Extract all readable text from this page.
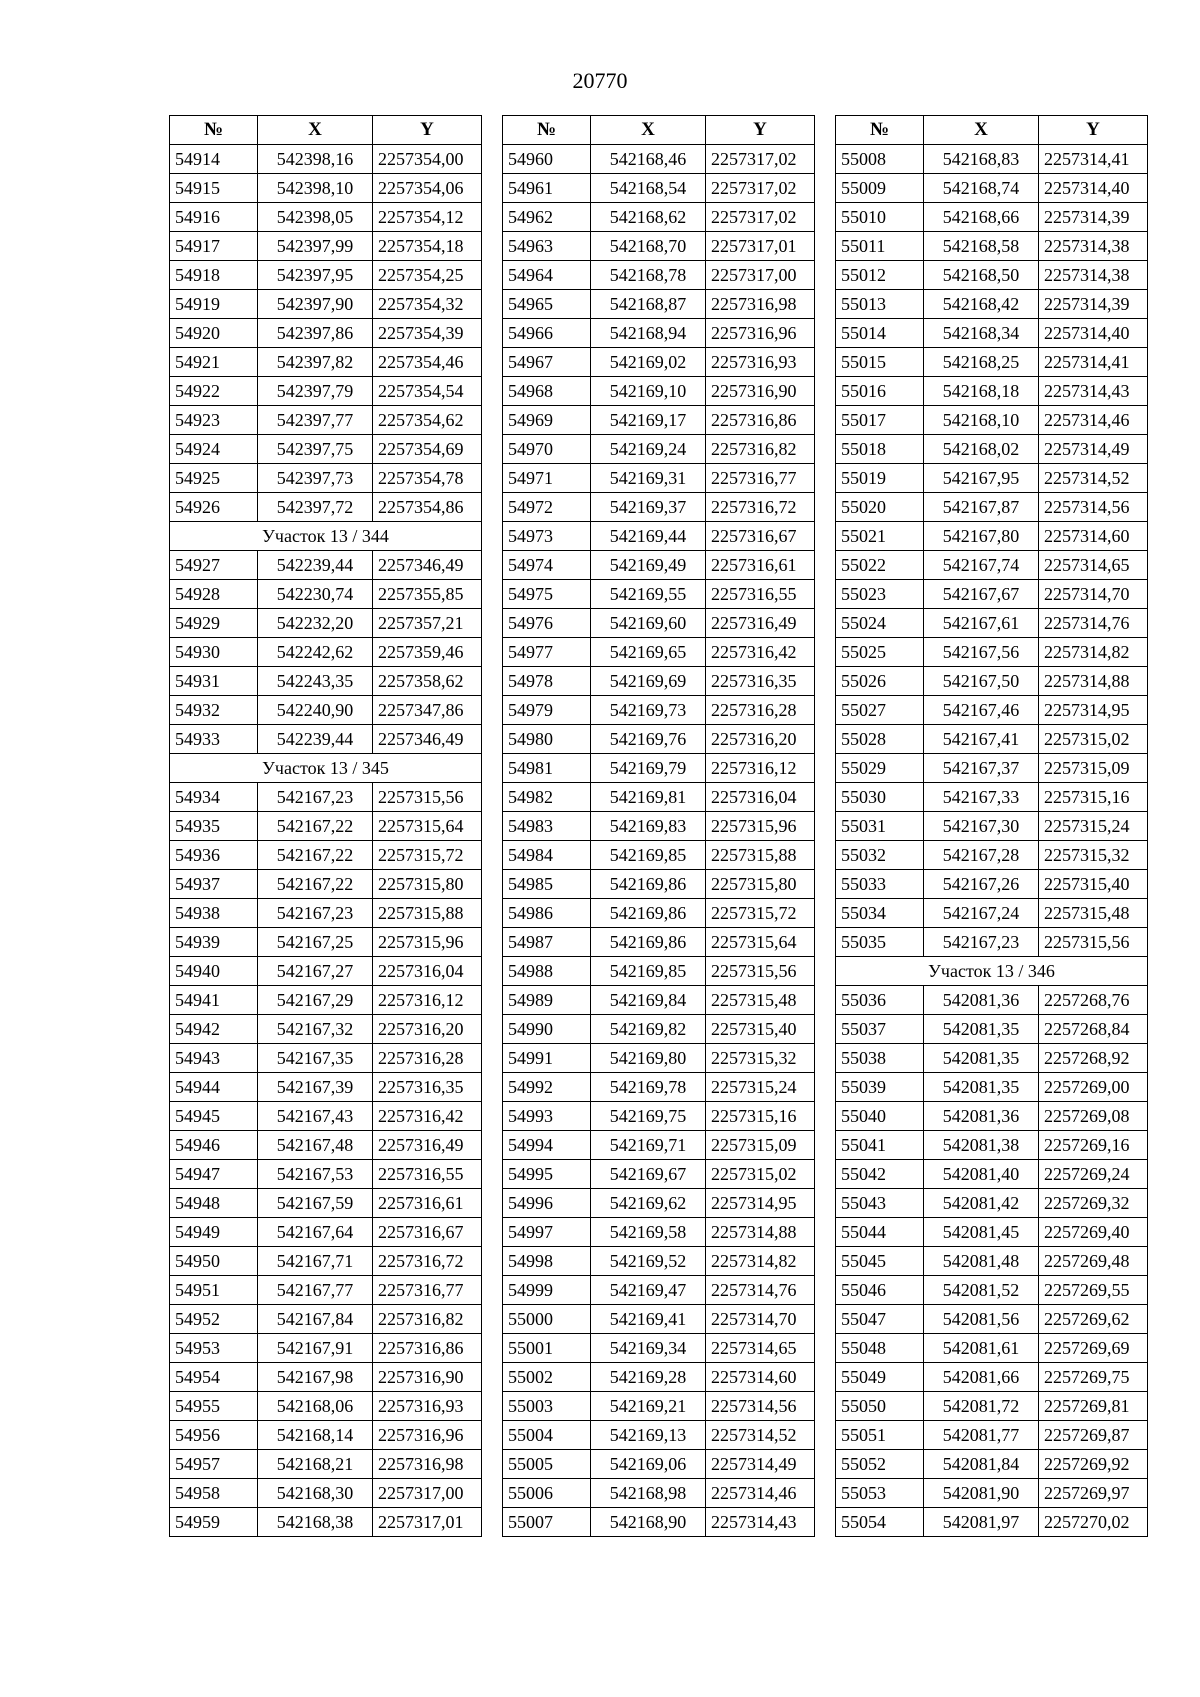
20770
№	X	Y
54914	542398,16	2257354,00
54915	542398,10	2257354,06
54916	542398,05	2257354,12
54917	542397,99	2257354,18
54918	542397,95	2257354,25
54919	542397,90	2257354,32
54920	542397,86	2257354,39
54921	542397,82	2257354,46
54922	542397,79	2257354,54
54923	542397,77	2257354,62
54924	542397,75	2257354,69
54925	542397,73	2257354,78
54926	542397,72	2257354,86
Участок 13 / 344		
54927	542239,44	2257346,49
54928	542230,74	2257355,85
54929	542232,20	2257357,21
54930	542242,62	2257359,46
54931	542243,35	2257358,62
54932	542240,90	2257347,86
54933	542239,44	2257346,49
Участок 13 / 345		
54934	542167,23	2257315,56
54935	542167,22	2257315,64
54936	542167,22	2257315,72
54937	542167,22	2257315,80
54938	542167,23	2257315,88
54939	542167,25	2257315,96
54940	542167,27	2257316,04
54941	542167,29	2257316,12
54942	542167,32	2257316,20
54943	542167,35	2257316,28
54944	542167,39	2257316,35
54945	542167,43	2257316,42
54946	542167,48	2257316,49
54947	542167,53	2257316,55
54948	542167,59	2257316,61
54949	542167,64	2257316,67
54950	542167,71	2257316,72
54951	542167,77	2257316,77
54952	542167,84	2257316,82
54953	542167,91	2257316,86
54954	542167,98	2257316,90
54955	542168,06	2257316,93
54956	542168,14	2257316,96
54957	542168,21	2257316,98
54958	542168,30	2257317,00
54959	542168,38	2257317,01
№	X	Y
54960	542168,46	2257317,02
54961	542168,54	2257317,02
54962	542168,62	2257317,02
54963	542168,70	2257317,01
54964	542168,78	2257317,00
54965	542168,87	2257316,98
54966	542168,94	2257316,96
54967	542169,02	2257316,93
54968	542169,10	2257316,90
54969	542169,17	2257316,86
54970	542169,24	2257316,82
54971	542169,31	2257316,77
54972	542169,37	2257316,72
54973	542169,44	2257316,67
54974	542169,49	2257316,61
54975	542169,55	2257316,55
54976	542169,60	2257316,49
54977	542169,65	2257316,42
54978	542169,69	2257316,35
54979	542169,73	2257316,28
54980	542169,76	2257316,20
54981	542169,79	2257316,12
54982	542169,81	2257316,04
54983	542169,83	2257315,96
54984	542169,85	2257315,88
54985	542169,86	2257315,80
54986	542169,86	2257315,72
54987	542169,86	2257315,64
54988	542169,85	2257315,56
54989	542169,84	2257315,48
54990	542169,82	2257315,40
54991	542169,80	2257315,32
54992	542169,78	2257315,24
54993	542169,75	2257315,16
54994	542169,71	2257315,09
54995	542169,67	2257315,02
54996	542169,62	2257314,95
54997	542169,58	2257314,88
54998	542169,52	2257314,82
54999	542169,47	2257314,76
55000	542169,41	2257314,70
55001	542169,34	2257314,65
55002	542169,28	2257314,60
55003	542169,21	2257314,56
55004	542169,13	2257314,52
55005	542169,06	2257314,49
55006	542168,98	2257314,46
55007	542168,90	2257314,43
№	X	Y
55008	542168,83	2257314,41
55009	542168,74	2257314,40
55010	542168,66	2257314,39
55011	542168,58	2257314,38
55012	542168,50	2257314,38
55013	542168,42	2257314,39
55014	542168,34	2257314,40
55015	542168,25	2257314,41
55016	542168,18	2257314,43
55017	542168,10	2257314,46
55018	542168,02	2257314,49
55019	542167,95	2257314,52
55020	542167,87	2257314,56
55021	542167,80	2257314,60
55022	542167,74	2257314,65
55023	542167,67	2257314,70
55024	542167,61	2257314,76
55025	542167,56	2257314,82
55026	542167,50	2257314,88
55027	542167,46	2257314,95
55028	542167,41	2257315,02
55029	542167,37	2257315,09
55030	542167,33	2257315,16
55031	542167,30	2257315,24
55032	542167,28	2257315,32
55033	542167,26	2257315,40
55034	542167,24	2257315,48
55035	542167,23	2257315,56
Участок 13 / 346		
55036	542081,36	2257268,76
55037	542081,35	2257268,84
55038	542081,35	2257268,92
55039	542081,35	2257269,00
55040	542081,36	2257269,08
55041	542081,38	2257269,16
55042	542081,40	2257269,24
55043	542081,42	2257269,32
55044	542081,45	2257269,40
55045	542081,48	2257269,48
55046	542081,52	2257269,55
55047	542081,56	2257269,62
55048	542081,61	2257269,69
55049	542081,66	2257269,75
55050	542081,72	2257269,81
55051	542081,77	2257269,87
55052	542081,84	2257269,92
55053	542081,90	2257269,97
55054	542081,97	2257270,02
